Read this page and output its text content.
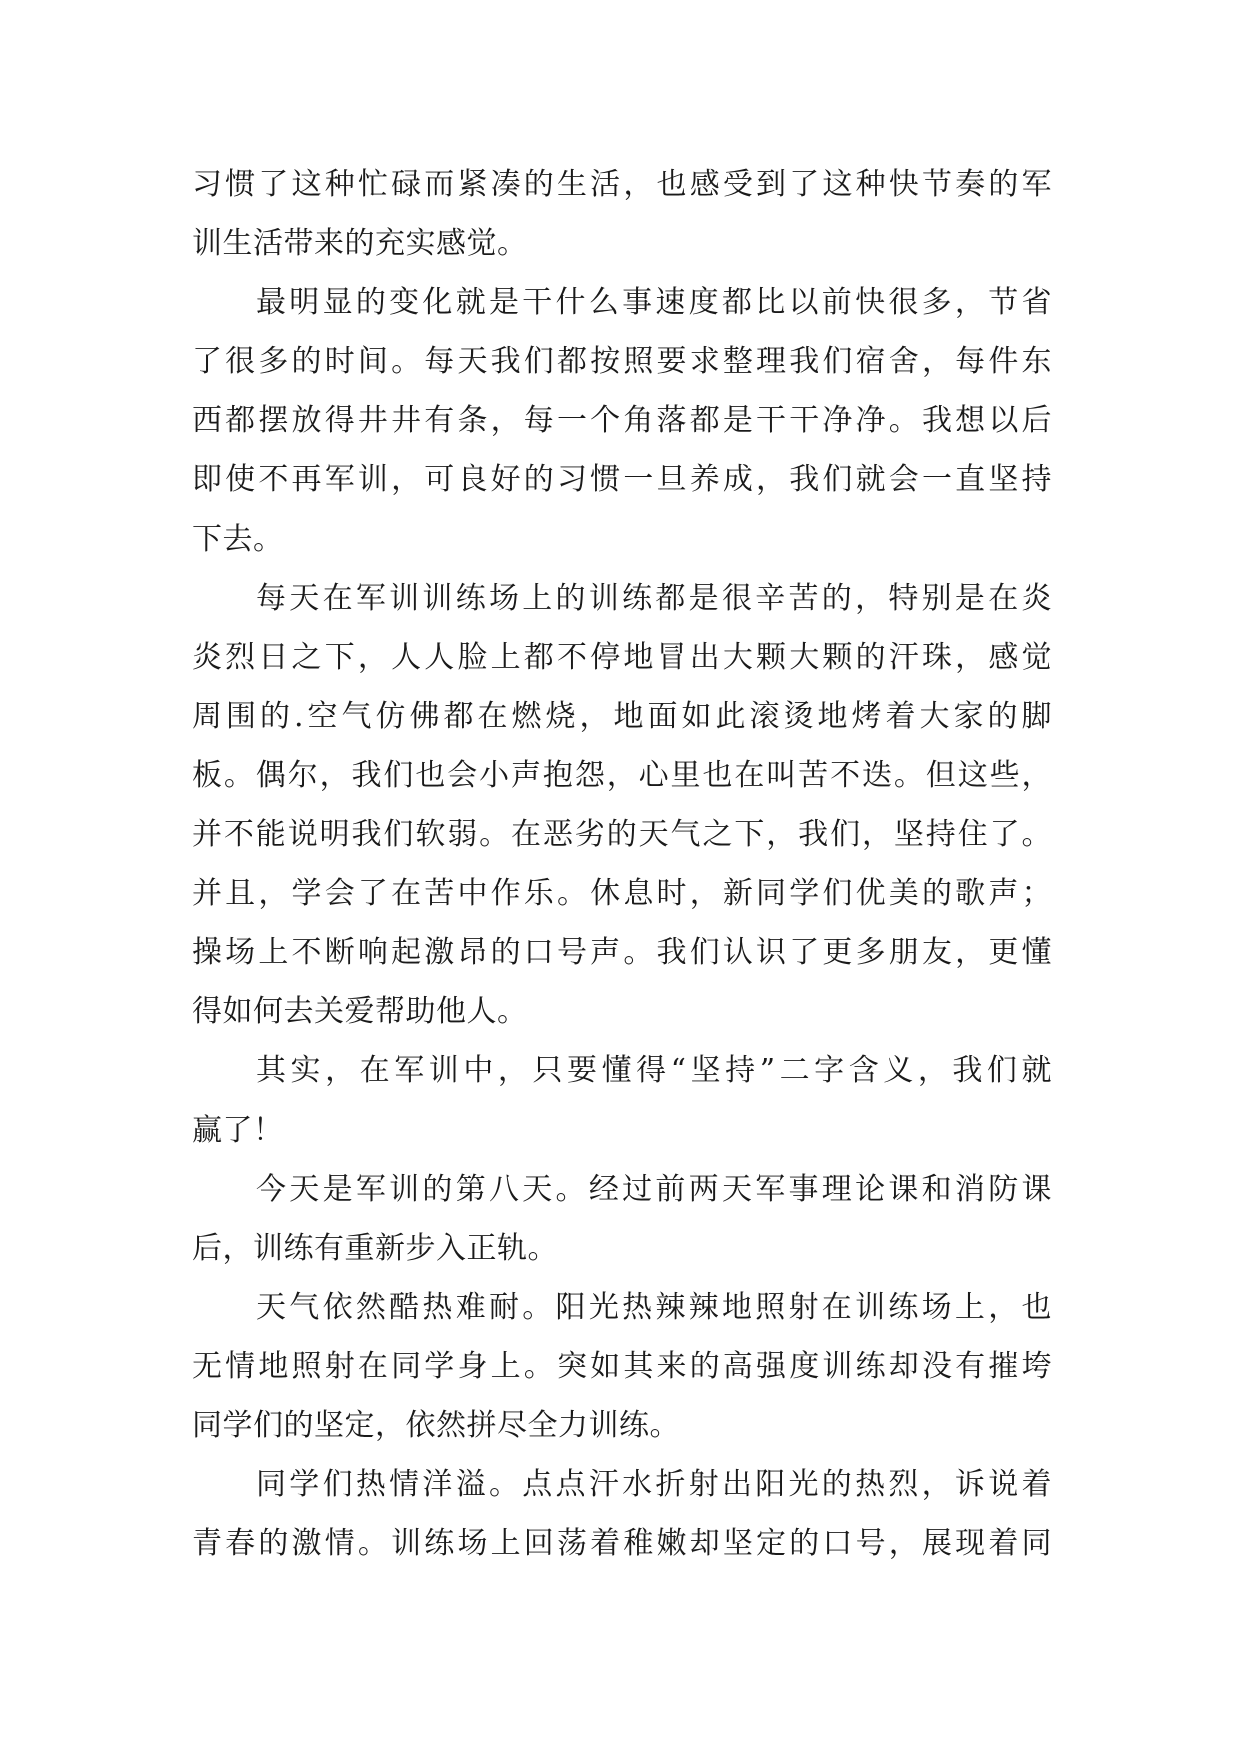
习惯了这种忙碌而紧凑的生活，也感受到了这种快节奏的军
训生活带来的充实感觉。
最明显的变化就是干什么事速度都比以前快很多，节省
了很多的时间。每天我们都按照要求整理我们宿舍，每件东
西都摆放得井井有条，每一个角落都是干干净净。我想以后
即使不再军训，可良好的习惯一旦养成，我们就会一直坚持
下去。
每天在军训训练场上的训练都是很辛苦的，特别是在炎
炎烈日之下，人人脸上都不停地冒出大颗大颗的汗珠，感觉
周围的.空气仿佛都在燃烧，地面如此滚烫地烤着大家的脚
板。偶尔，我们也会小声抱怨，心里也在叫苦不迭。但这些，
并不能说明我们软弱。在恶劣的天气之下，我们，坚持住了。
并且，学会了在苦中作乐。休息时，新同学们优美的歌声；
操场上不断响起激昂的口号声。我们认识了更多朋友，更懂
得如何去关爱帮助他人。
其实，在军训中，只要懂得“坚持”二字含义，我们就
赢了！
今天是军训的第八天。经过前两天军事理论课和消防课
后，训练有重新步入正轨。
天气依然酷热难耐。阳光热辣辣地照射在训练场上，也
无情地照射在同学身上。突如其来的高强度训练却没有摧垮
同学们的坚定，依然拼尽全力训练。
同学们热情洋溢。点点汗水折射出阳光的热烈，诉说着
青春的激情。训练场上回荡着稚嫩却坚定的口号，展现着同
